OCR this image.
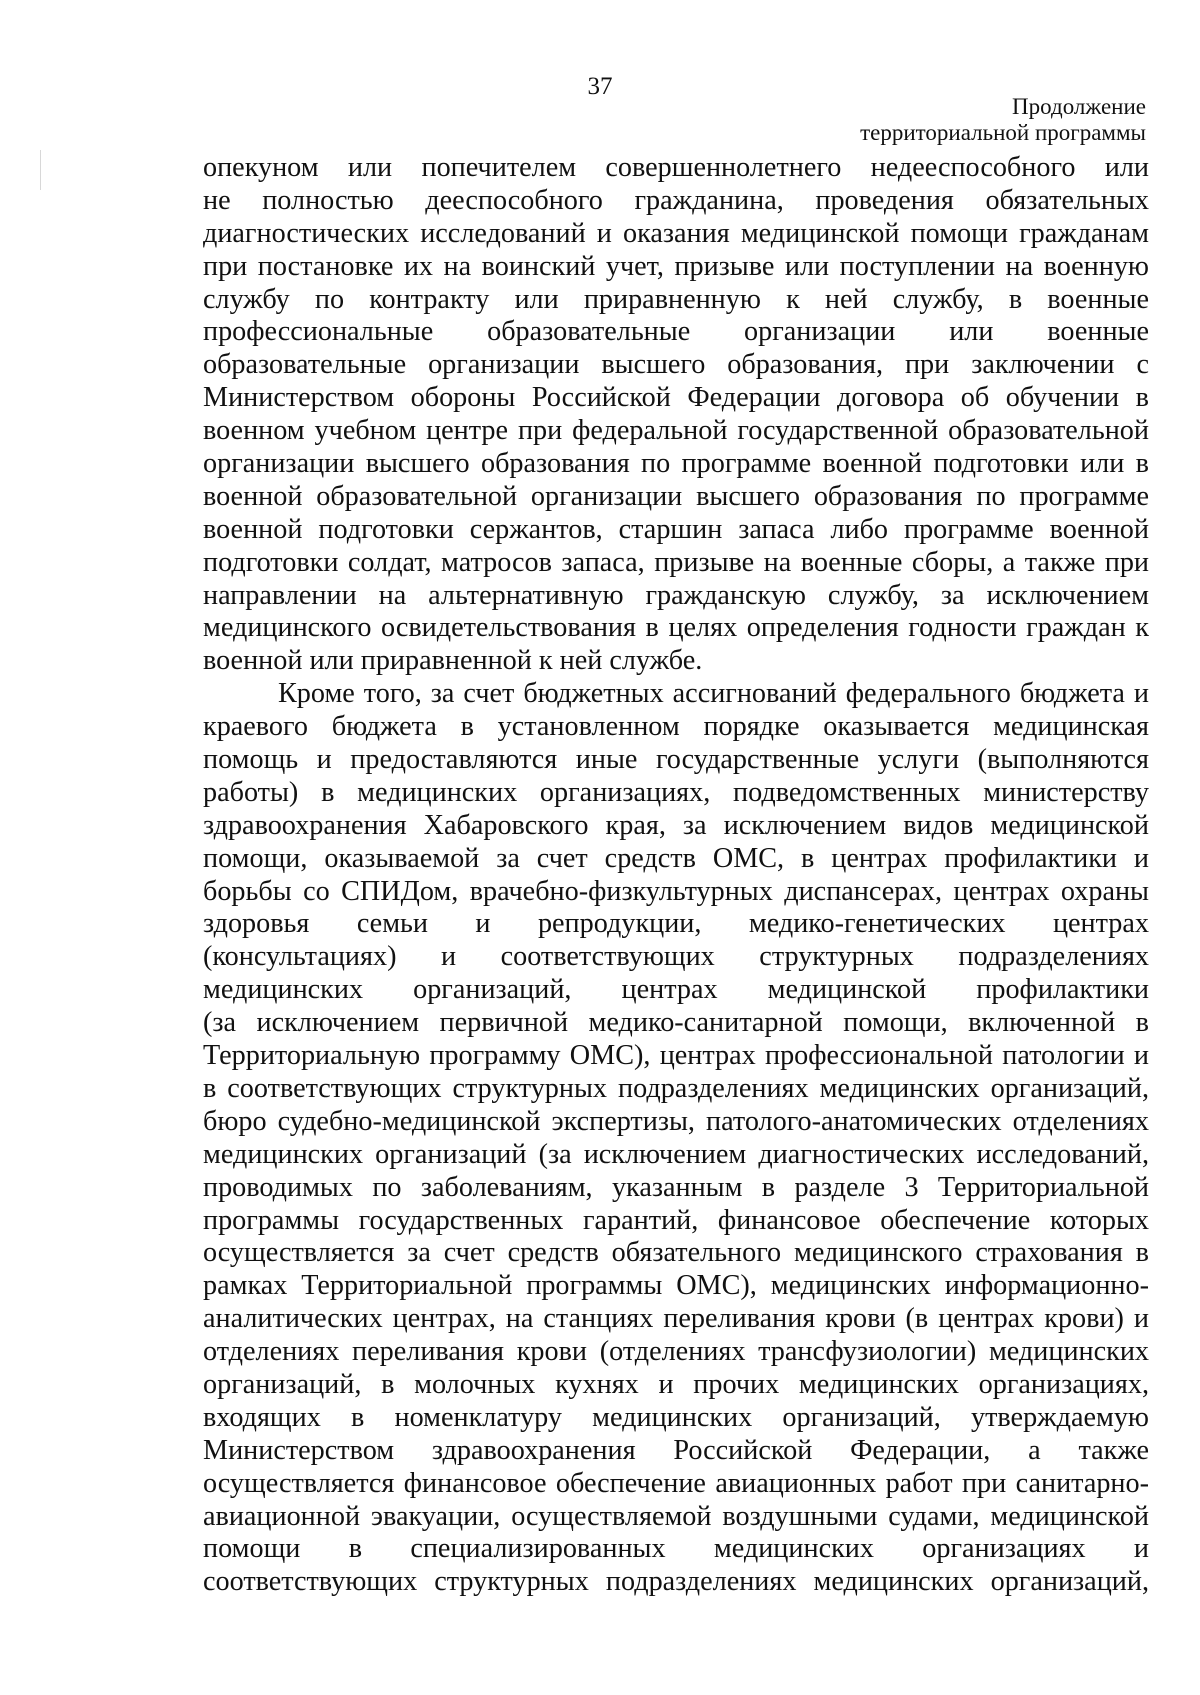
37
Продолжение
территориальной программы
опекуном или попечителем совершеннолетнего недееспособного или
не полностью дееспособного гражданина, проведения обязательных
диагностических исследований и оказания медицинской помощи гражданам
при постановке их на воинский учет, призыве или поступлении на военную
службу по контракту или приравненную к ней службу, в военные
профессиональные образовательные организации или военные
образовательные организации высшего образования, при заключении с
Министерством обороны Российской Федерации договора об обучении в
военном учебном центре при федеральной государственной образовательной
организации высшего образования по программе военной подготовки или в
военной образовательной организации высшего образования по программе
военной подготовки сержантов, старшин запаса либо программе военной
подготовки солдат, матросов запаса, призыве на военные сборы, а также при
направлении на альтернативную гражданскую службу, за исключением
медицинского освидетельствования в целях определения годности граждан к
военной или приравненной к ней службе.
Кроме того, за счет бюджетных ассигнований федерального бюджета и
краевого бюджета в установленном порядке оказывается медицинская
помощь и предоставляются иные государственные услуги (выполняются
работы) в медицинских организациях, подведомственных министерству
здравоохранения Хабаровского края, за исключением видов медицинской
помощи, оказываемой за счет средств ОМС, в центрах профилактики и
борьбы со СПИДом, врачебно-физкультурных диспансерах, центрах охраны
здоровья семьи и репродукции, медико-генетических центрах
(консультациях) и соответствующих структурных подразделениях
медицинских организаций, центрах медицинской профилактики
(за исключением первичной медико-санитарной помощи, включенной в
Территориальную программу ОМС), центрах профессиональной патологии и
в соответствующих структурных подразделениях медицинских организаций,
бюро судебно-медицинской экспертизы, патолого-анатомических отделениях
медицинских организаций (за исключением диагностических исследований,
проводимых по заболеваниям, указанным в разделе 3 Территориальной
программы государственных гарантий, финансовое обеспечение которых
осуществляется за счет средств обязательного медицинского страхования в
рамках Территориальной программы ОМС), медицинских информационно-
аналитических центрах, на станциях переливания крови (в центрах крови) и
отделениях переливания крови (отделениях трансфузиологии) медицинских
организаций, в молочных кухнях и прочих медицинских организациях,
входящих в номенклатуру медицинских организаций, утверждаемую
Министерством здравоохранения Российской Федерации, а также
осуществляется финансовое обеспечение авиационных работ при санитарно-
авиационной эвакуации, осуществляемой воздушными судами, медицинской
помощи в специализированных медицинских организациях и
соответствующих структурных подразделениях медицинских организаций,
